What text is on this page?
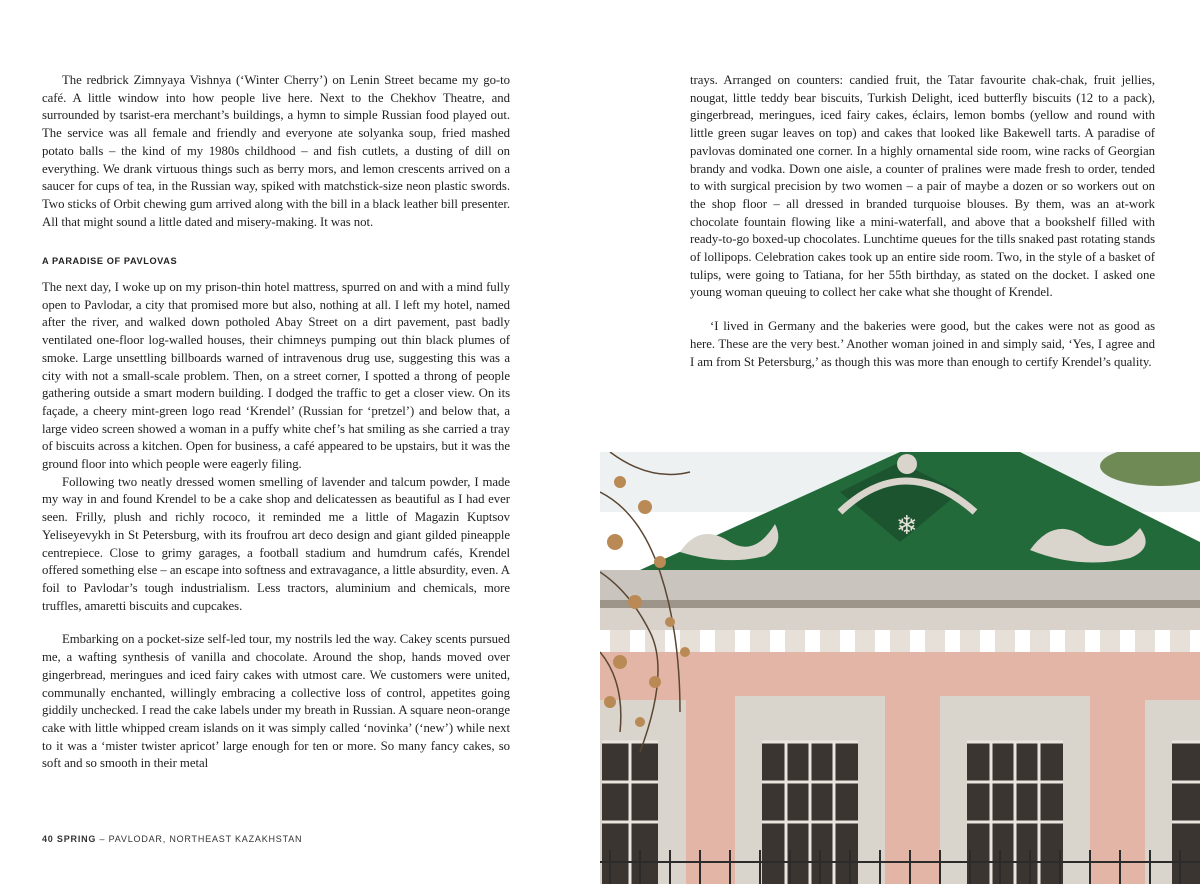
The redbrick Zimnyaya Vishnya (‘Winter Cherry’) on Lenin Street became my go-to café. A little window into how people live here. Next to the Chekhov Theatre, and surrounded by tsarist-era merchant’s buildings, a hymn to simple Russian food played out. The service was all female and friendly and everyone ate solyanka soup, fried mashed potato balls – the kind of my 1980s childhood – and fish cutlets, a dusting of dill on everything. We drank virtuous things such as berry mors, and lemon crescents arrived on a saucer for cups of tea, in the Russian way, spiked with matchstick-size neon plastic swords. Two sticks of Orbit chewing gum arrived along with the bill in a black leather bill presenter. All that might sound a little dated and misery-making. It was not.

A PARADISE OF PAVLOVAS

The next day, I woke up on my prison-thin hotel mattress, spurred on and with a mind fully open to Pavlodar, a city that promised more but also, nothing at all. I left my hotel, named after the river, and walked down potholed Abay Street on a dirt pavement, past badly ventilated one-floor log-walled houses, their chimneys pumping out thin black plumes of smoke. Large unsettling billboards warned of intravenous drug use, suggesting this was a city with not a small-scale problem. Then, on a street corner, I spotted a throng of people gathering outside a smart modern building. I dodged the traffic to get a closer view. On its façade, a cheery mint-green logo read ‘Krendel’ (Russian for ‘pretzel’) and below that, a large video screen showed a woman in a puffy white chef’s hat smiling as she carried a tray of biscuits across a kitchen. Open for business, a café appeared to be upstairs, but it was the ground floor into which people were eagerly filing.

Following two neatly dressed women smelling of lavender and talcum powder, I made my way in and found Krendel to be a cake shop and delicatessen as beautiful as I had ever seen. Frilly, plush and richly rococo, it reminded me a little of Magazin Kuptsov Yeliseyevykh in St Petersburg, with its froufrou art deco design and giant gilded pineapple centrepiece. Close to grimy garages, a football stadium and humdrum cafés, Krendel offered something else – an escape into softness and extravagance, a little absurdity, even. A foil to Pavlodar’s tough industrialism. Less tractors, aluminium and chemicals, more truffles, amaretti biscuits and cupcakes.

Embarking on a pocket-size self-led tour, my nostrils led the way. Cakey scents pursued me, a wafting synthesis of vanilla and chocolate. Around the shop, hands moved over gingerbread, meringues and iced fairy cakes with utmost care. We customers were united, communally enchanted, willingly embracing a collective loss of control, appetites going giddily unchecked. I read the cake labels under my breath in Russian. A square neon-orange cake with little whipped cream islands on it was simply called ‘novinka’ (‘new’) while next to it was a ‘mister twister apricot’ large enough for ten or more. So many fancy cakes, so soft and so smooth in their metal

40 SPRING – PAVLODAR, NORTHEAST KAZAKHSTAN

trays. Arranged on counters: candied fruit, the Tatar favourite chak-chak, fruit jellies, nougat, little teddy bear biscuits, Turkish Delight, iced butterfly biscuits (12 to a pack), gingerbread, meringues, iced fairy cakes, éclairs, lemon bombs (yellow and round with little green sugar leaves on top) and cakes that looked like Bakewell tarts. A paradise of pavlovas dominated one corner. In a highly ornamental side room, wine racks of Georgian brandy and vodka. Down one aisle, a counter of pralines were made fresh to order, tended to with surgical precision by two women – a pair of maybe a dozen or so workers out on the shop floor – all dressed in branded turquoise blouses. By them, was an at-work chocolate fountain flowing like a mini-waterfall, and above that a bookshelf filled with ready-to-go boxed-up chocolates. Lunchtime queues for the tills snaked past rotating stands of lollipops. Celebration cakes took up an entire side room. Two, in the style of a basket of tulips, were going to Tatiana, for her 55th birthday, as stated on the docket. I asked one young woman queuing to collect her cake what she thought of Krendel.

‘I lived in Germany and the bakeries were good, but the cakes were not as good as here. These are the very best.’ Another woman joined in and simply said, ‘Yes, I agree and I am from St Petersburg,’ as though this was more than enough to certify Krendel’s quality.

❄
